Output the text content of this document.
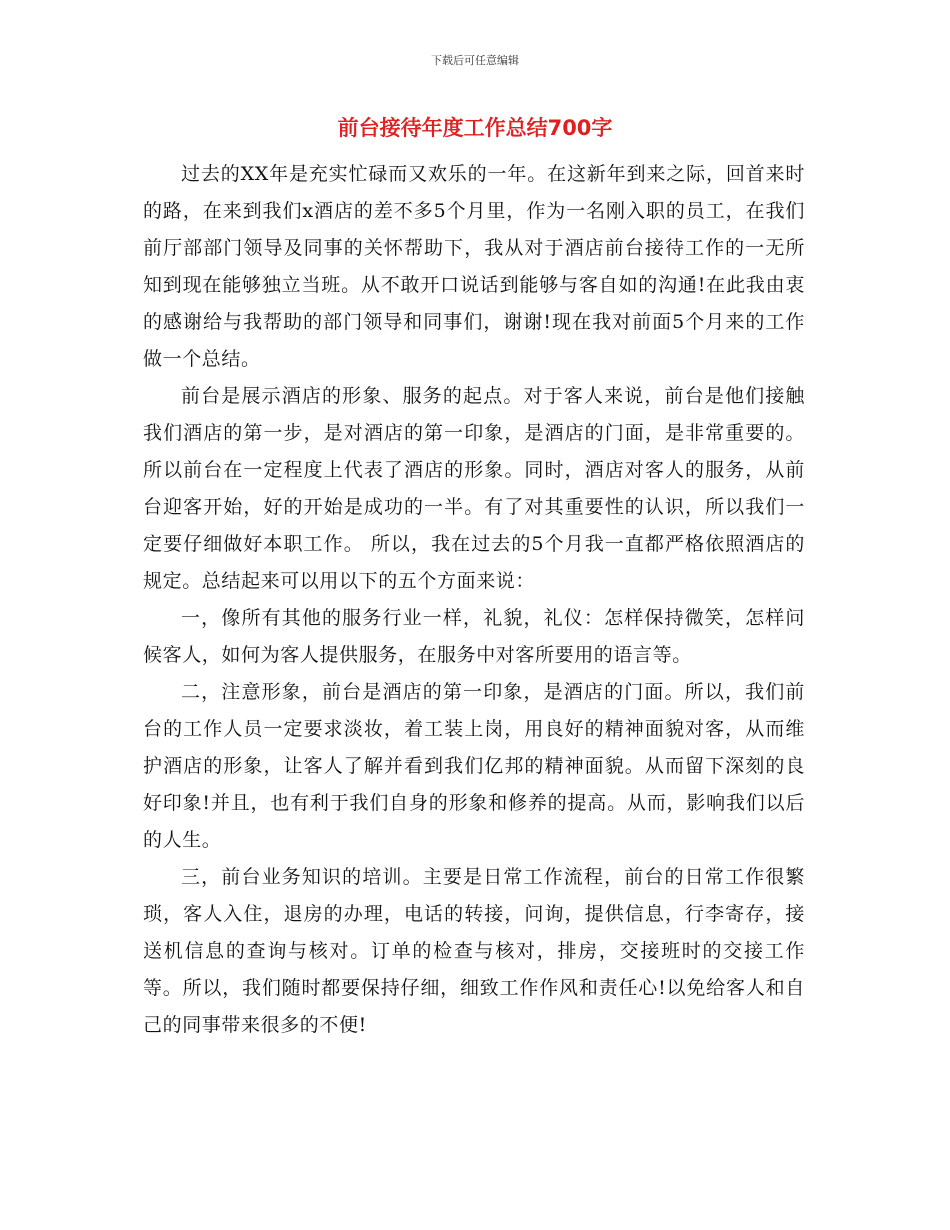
下载后可任意编辑
前台接待年度工作总结700字

过去的XX年是充实忙碌而又欢乐的一年。在这新年到来之际，回首来时的路，在来到我们x酒店的差不多5个月里，作为一名刚入职的员工，在我们前厅部部门领导及同事的关怀帮助下，我从对于酒店前台接待工作的一无所知到现在能够独立当班。从不敢开口说话到能够与客自如的沟通!在此我由衷的感谢给与我帮助的部门领导和同事们，谢谢!现在我对前面5个月来的工作做一个总结。

前台是展示酒店的形象、服务的起点。对于客人来说，前台是他们接触我们酒店的第一步，是对酒店的第一印象，是酒店的门面，是非常重要的。所以前台在一定程度上代表了酒店的形象。同时，酒店对客人的服务，从前台迎客开始，好的开始是成功的一半。有了对其重要性的认识，所以我们一定要仔细做好本职工作。 所以，我在过去的5个月我一直都严格依照酒店的规定。总结起来可以用以下的五个方面来说：

一，像所有其他的服务行业一样，礼貌，礼仪：怎样保持微笑，怎样问候客人，如何为客人提供服务，在服务中对客所要用的语言等。

二，注意形象，前台是酒店的第一印象，是酒店的门面。所以，我们前台的工作人员一定要求淡妆，着工装上岗，用良好的精神面貌对客，从而维护酒店的形象，让客人了解并看到我们亿邦的精神面貌。从而留下深刻的良好印象!并且，也有利于我们自身的形象和修养的提高。从而，影响我们以后的人生。

三，前台业务知识的培训。主要是日常工作流程，前台的日常工作很繁琐，客人入住，退房的办理，电话的转接，问询，提供信息，行李寄存，接送机信息的查询与核对。订单的检查与核对，排房，交接班时的交接工作等。所以，我们随时都要保持仔细，细致工作作风和责任心!以免给客人和自己的同事带来很多的不便!
